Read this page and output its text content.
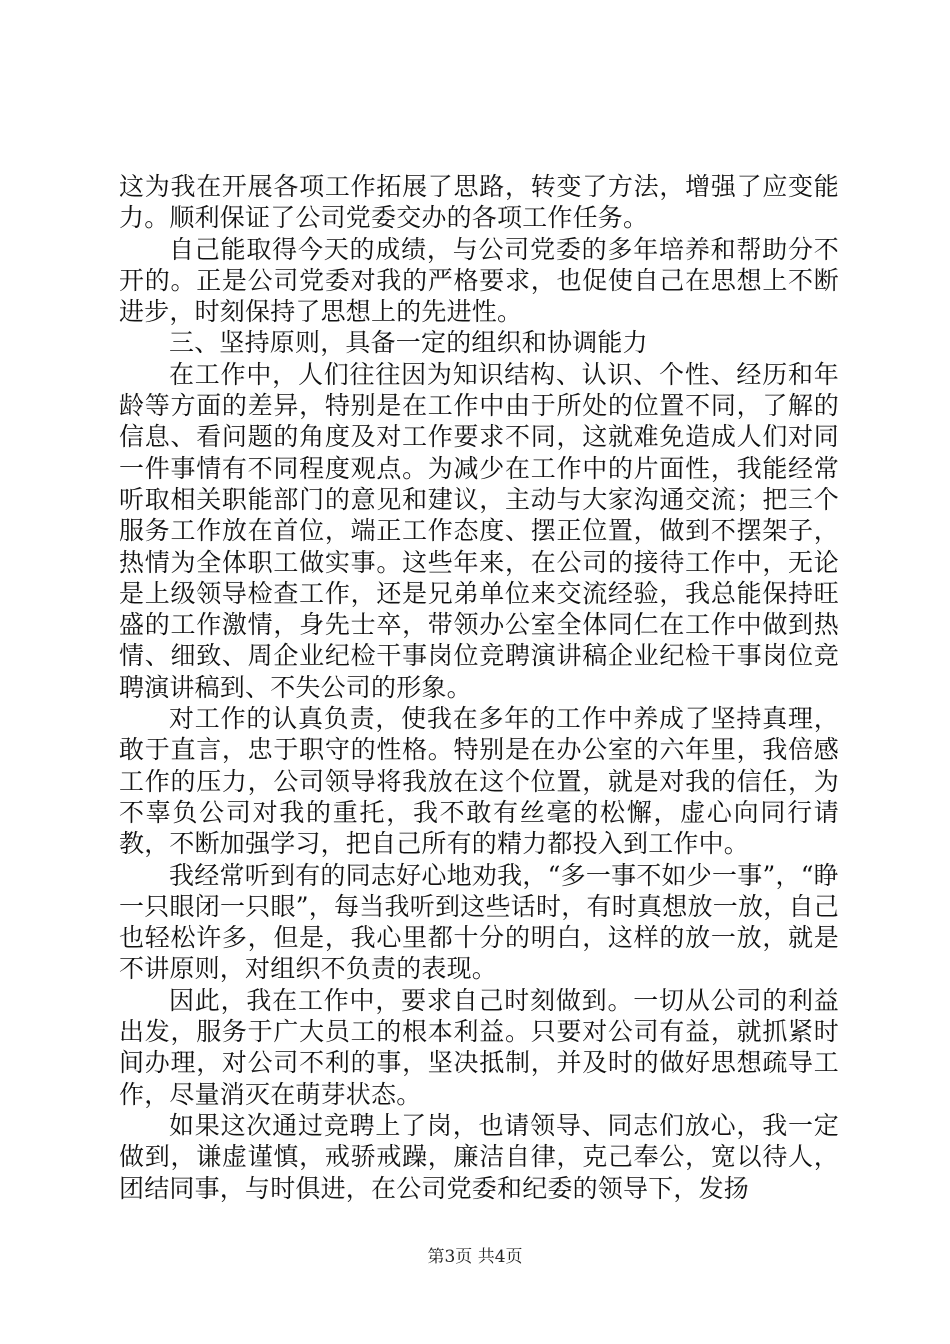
这为我在开展各项工作拓展了思路，转变了方法，增强了应变能力。顺利保证了公司党委交办的各项工作任务。

自己能取得今天的成绩，与公司党委的多年培养和帮助分不开的。正是公司党委对我的严格要求，也促使自己在思想上不断进步，时刻保持了思想上的先进性。

三、坚持原则，具备一定的组织和协调能力

在工作中，人们往往因为知识结构、认识、个性、经历和年龄等方面的差异，特别是在工作中由于所处的位置不同，了解的信息、看问题的角度及对工作要求不同，这就难免造成人们对同一件事情有不同程度观点。为减少在工作中的片面性，我能经常听取相关职能部门的意见和建议，主动与大家沟通交流；把三个服务工作放在首位，端正工作态度、摆正位置，做到不摆架子，热情为全体职工做实事。这些年来，在公司的接待工作中，无论是上级领导检查工作，还是兄弟单位来交流经验，我总能保持旺盛的工作激情，身先士卒，带领办公室全体同仁在工作中做到热情、细致、周企业纪检干事岗位竞聘演讲稿企业纪检干事岗位竞聘演讲稿到、不失公司的形象。

对工作的认真负责，使我在多年的工作中养成了坚持真理，敢于直言，忠于职守的性格。特别是在办公室的六年里，我倍感工作的压力，公司领导将我放在这个位置，就是对我的信任，为不辜负公司对我的重托，我不敢有丝毫的松懈，虚心向同行请教，不断加强学习，把自己所有的精力都投入到工作中。

我经常听到有的同志好心地劝我，“多一事不如少一事”，“睁一只眼闭一只眼”，每当我听到这些话时，有时真想放一放，自己也轻松许多，但是，我心里都十分的明白，这样的放一放，就是不讲原则，对组织不负责的表现。

因此，我在工作中，要求自己时刻做到。一切从公司的利益出发，服务于广大员工的根本利益。只要对公司有益，就抓紧时间办理，对公司不利的事，坚决抵制，并及时的做好思想疏导工作，尽量消灭在萌芽状态。

如果这次通过竞聘上了岗，也请领导、同志们放心，我一定做到，谦虚谨慎，戒骄戒躁，廉洁自律，克己奉公，宽以待人，团结同事，与时俱进，在公司党委和纪委的领导下，发扬

第3页 共4页
